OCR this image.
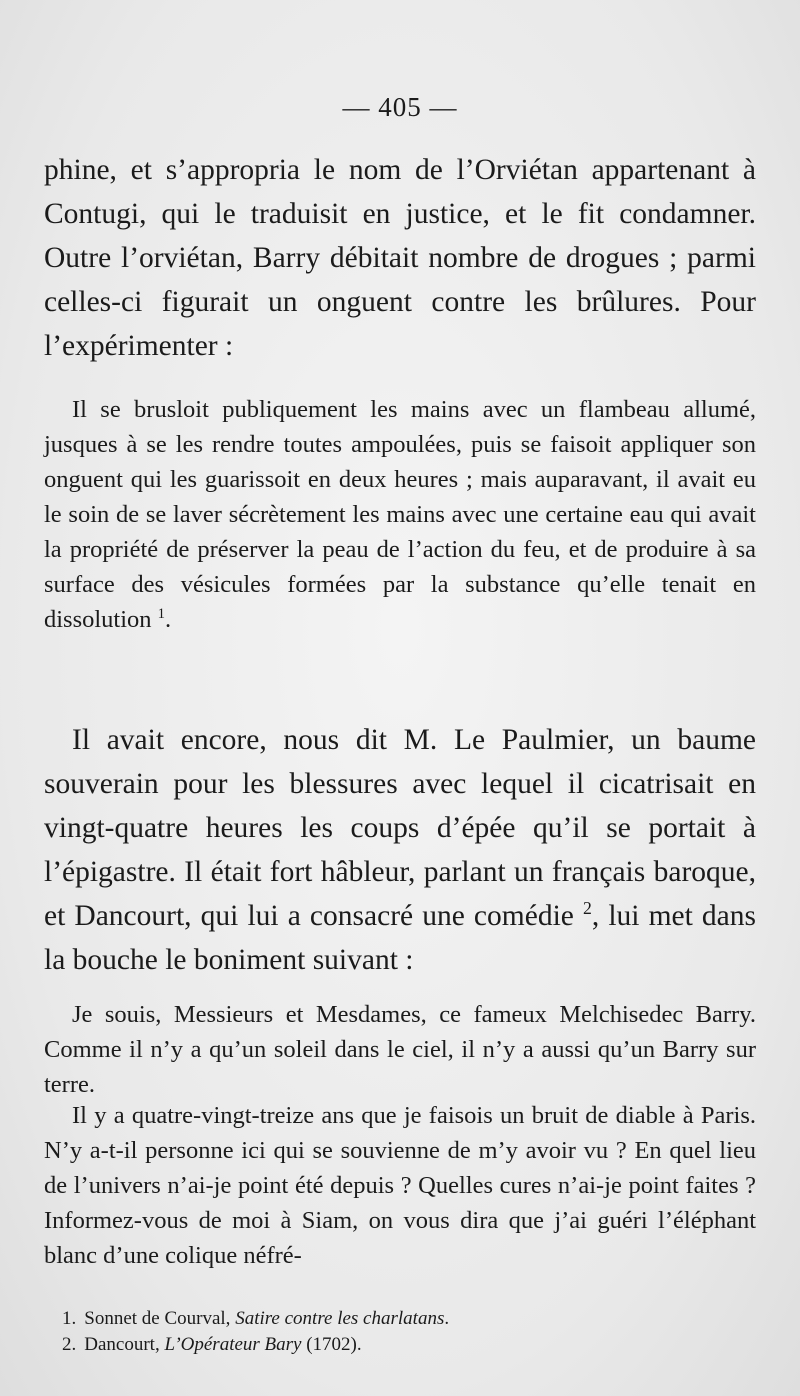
— 405 —

phine, et s’appropria le nom de l’Orviétan appartenant à Contugi, qui le traduisit en justice, et le fit condamner. Outre l’orviétan, Barry débitait nombre de drogues ; parmi celles-ci figurait un onguent contre les brûlures. Pour l’expérimenter :

Il se brusloit publiquement les mains avec un flambeau allumé, jusques à se les rendre toutes ampoulées, puis se faisoit appliquer son onguent qui les guarissoit en deux heures ; mais auparavant, il avait eu le soin de se laver sécrètement les mains avec une certaine eau qui avait la propriété de préserver la peau de l’action du feu, et de produire à sa surface des vésicules formées par la substance qu’elle tenait en dissolution $^1$.

Il avait encore, nous dit M. Le Paulmier, un baume souverain pour les blessures avec lequel il cicatrisait en vingt-quatre heures les coups d’épée qu’il se portait à l’épigastre. Il était fort hâbleur, parlant un français baroque, et Dancourt, qui lui a consacré une comédie $^2$, lui met dans la bouche le boniment suivant :

Je souis, Messieurs et Mesdames, ce fameux Melchisedec Barry. Comme il n’y a qu’un soleil dans le ciel, il n’y a aussi qu’un Barry sur terre.

Il y a quatre-vingt-treize ans que je faisois un bruit de diable à Paris. N’y a-t-il personne ici qui se souvienne de m’y avoir vu ? En quel lieu de l’univers n’ai-je point été depuis ? Quelles cures n’ai-je point faites ? Informez-vous de moi à Siam, on vous dira que j’ai guéri l’éléphant blanc d’une colique néfré-

1. Sonnet de Courval, Satire contre les charlatans.

2. Dancourt, L’Opérateur Bary (1702).
